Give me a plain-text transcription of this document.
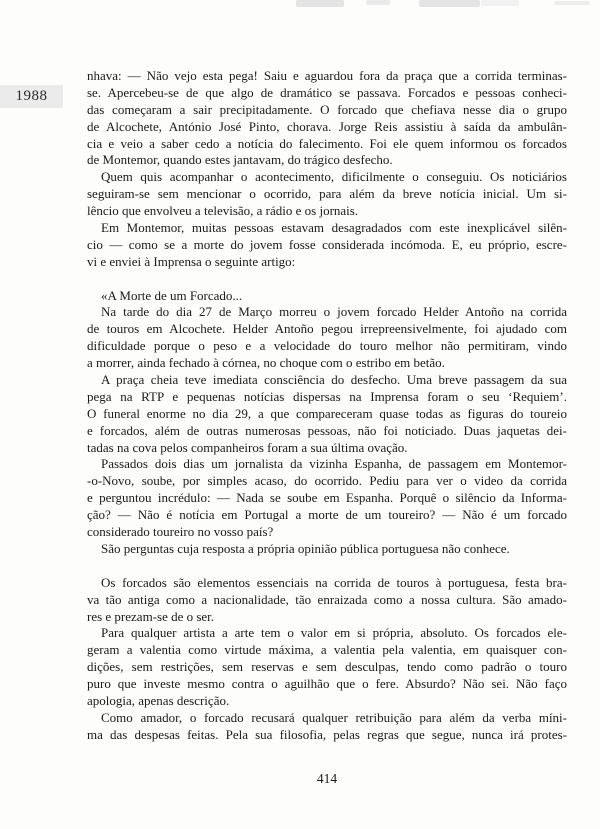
1988
nhava: — Não vejo esta pega! Saiu e aguardou fora da praça que a corrida terminas-
se. Apercebeu-se de que algo de dramático se passava. Forcados e pessoas conheci-
das começaram a sair precipitadamente. O forcado que chefiava nesse dia o grupo
de Alcochete, António José Pinto, chorava. Jorge Reis assistiu à saída da ambulân-
cia e veio a saber cedo a notícia do falecimento. Foi ele quem informou os forcados
de Montemor, quando estes jantavam, do trágico desfecho.
Quem quis acompanhar o acontecimento, dificilmente o conseguiu. Os noticiários
seguiram-se sem mencionar o ocorrido, para além da breve notícia inicial. Um si-
lêncio que envolveu a televisão, a rádio e os jornais.
Em Montemor, muitas pessoas estavam desagradados com este inexplicável silên-
cio — como se a morte do jovem fosse considerada incómoda. E, eu próprio, escre-
vi e enviei à Imprensa o seguinte artigo:
«A Morte de um Forcado...
Na tarde do dia 27 de Março morreu o jovem forcado Helder Antoño na corrida
de touros em Alcochete. Helder Antoño pegou irrepreensivelmente, foi ajudado com
dificuldade porque o peso e a velocidade do touro melhor não permitiram, vindo
a morrer, ainda fechado à córnea, no choque com o estribo em betão.
A praça cheia teve imediata consciência do desfecho. Uma breve passagem da sua
pega na RTP e pequenas notícias dispersas na Imprensa foram o seu ‘Requiem’.
O funeral enorme no dia 29, a que compareceram quase todas as figuras do toureio
e forcados, além de outras numerosas pessoas, não foi noticiado. Duas jaquetas dei-
tadas na cova pelos companheiros foram a sua última ovação.
Passados dois dias um jornalista da vizinha Espanha, de passagem em Montemor-
-o-Novo, soube, por simples acaso, do ocorrido. Pediu para ver o video da corrida
e perguntou incrédulo: — Nada se soube em Espanha. Porquê o silêncio da Informa-
ção? — Não é notícia em Portugal a morte de um toureiro? — Não é um forcado
considerado toureiro no vosso país?
São perguntas cuja resposta a própria opinião pública portuguesa não conhece.
Os forcados são elementos essenciais na corrida de touros à portuguesa, festa bra-
va tão antiga como a nacionalidade, tão enraizada como a nossa cultura. São amado-
res e prezam-se de o ser.
Para qualquer artista a arte tem o valor em si própria, absoluto. Os forcados ele-
geram a valentia como virtude máxima, a valentia pela valentia, em quaisquer con-
dições, sem restrições, sem reservas e sem desculpas, tendo como padrão o touro
puro que investe mesmo contra o aguilhão que o fere. Absurdo? Não sei. Não faço
apologia, apenas descrição.
Como amador, o forcado recusará qualquer retribuição para além da verba míni-
ma das despesas feitas. Pela sua filosofia, pelas regras que segue, nunca irá protes-
414
